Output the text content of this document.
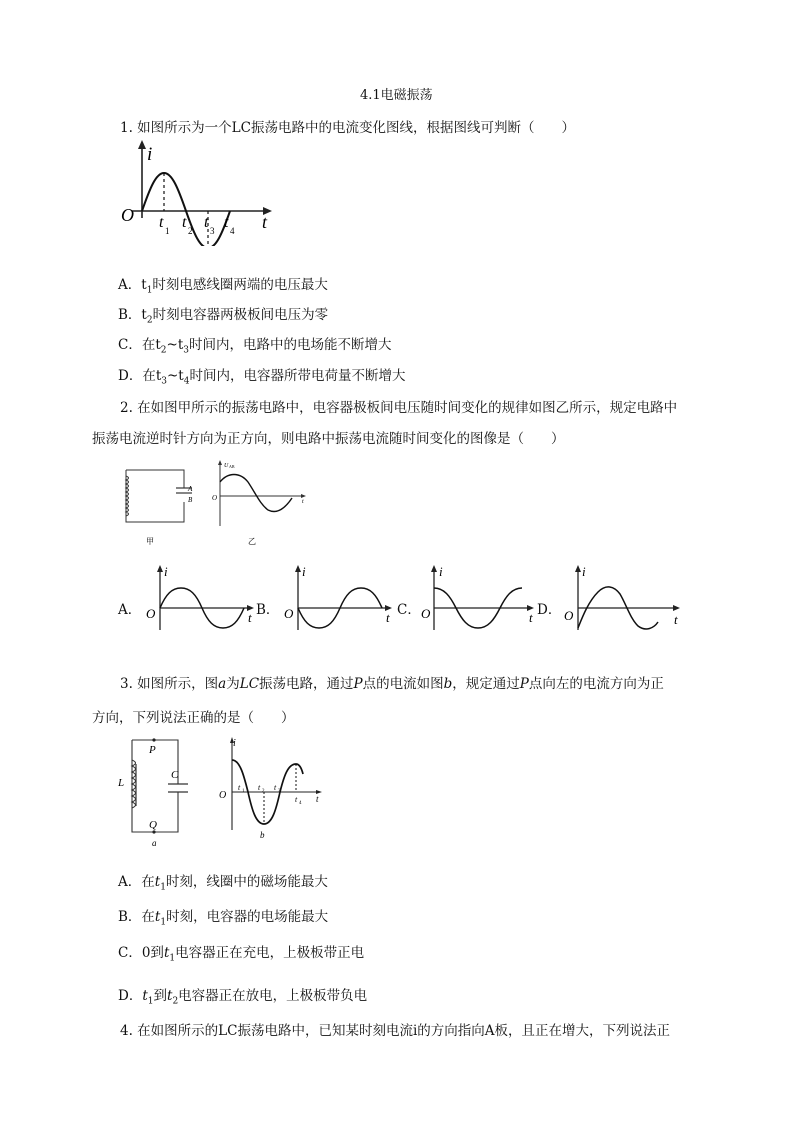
4.1电磁振荡
1. 如图所示为一个LC振荡电路中的电流变化图线，根据图线可判断（　　）
i
O	t
t 1 t 2 t 3 t 4
A．$t_1$时刻电感线圈两端的电压最大
B．$t_2$时刻电容器两极板间电压为零
C．在$t_2\sim t_3$时间内，电路中的电场能不断增大
D．在$t_3\sim t_4$时间内，电容器所带电荷量不断增大
2. 在如图甲所示的振荡电路中，电容器极板间电压随时间变化的规律如图乙所示，规定电路中
振荡电流逆时针方向为正方向，则电路中振荡电流随时间变化的图像是（　　）
A
B
甲
U AB
O	t
乙
A．
i
O	t B．
i
O	t C．
i
O	t D．
i
O	t
3. 如图所示，图a为LC振荡电路，通过P点的电流如图b，规定通过P点向左的电流方向为正
方向，下列说法正确的是（　　）
P
L
C
Q
a
i
O	t
t 1 t 2 t 3
t 4
b
A．在$t_1$时刻，线圈中的磁场能最大
B．在$t_1$时刻，电容器的电场能最大
C．0到$t_1$电容器正在充电，上极板带正电
D．$t_1$到$t_2$电容器正在放电，上极板带负电
4. 在如图所示的LC振荡电路中，已知某时刻电流i的方向指向A板，且正在增大，下列说法正
